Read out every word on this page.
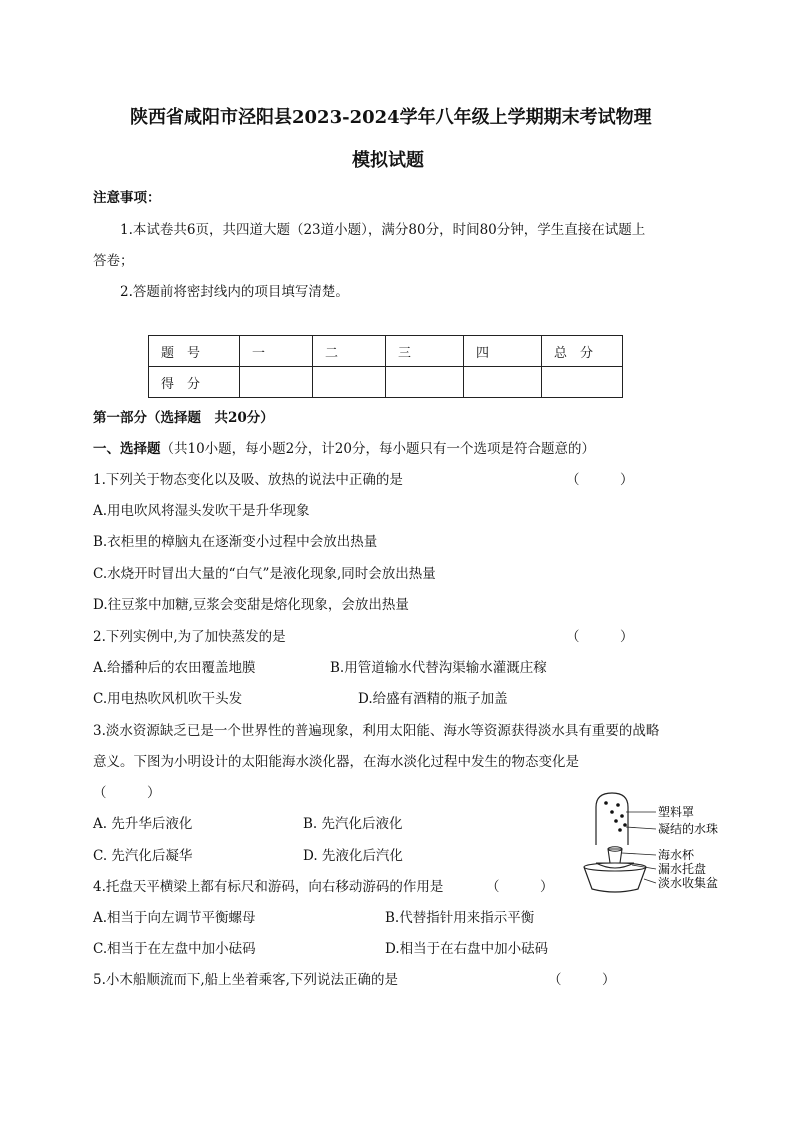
陕西省咸阳市泾阳县2023-2024学年八年级上学期期末考试物理
模拟试题
注意事项：
1.本试卷共6页，共四道大题（23道小题），满分80分，时间80分钟，学生直接在试题上
答卷；
2.答题前将密封线内的项目填写清楚。
题　号	一	二	三	四	总　分
得　分					
第一部分（选择题　共20分）
一、选择题（共10小题，每小题2分，计20分，每小题只有一个选项是符合题意的）
1.下列关于物态变化以及吸、放热的说法中正确的是	（　　　）
A.用电吹风将湿头发吹干是升华现象
B.衣柜里的樟脑丸在逐渐变小过程中会放出热量
C.水烧开时冒出大量的“白气”是液化现象,同时会放出热量
D.往豆浆中加糖,豆浆会变甜是熔化现象，会放出热量
2.下列实例中,为了加快蒸发的是	（　　　）
A.给播种后的农田覆盖地膜	B.用管道输水代替沟渠输水灌溉庄稼
C.用电热吹风机吹干头发	D.给盛有酒精的瓶子加盖
3.淡水资源缺乏已是一个世界性的普遍现象，利用太阳能、海水等资源获得淡水具有重要的战略
意义。下图为小明设计的太阳能海水淡化器，在海水淡化过程中发生的物态变化是
（　　　）
A. 先升华后液化	B. 先汽化后液化
C. 先汽化后凝华	D. 先液化后汽化
4.托盘天平横梁上都有标尺和游码，向右移动游码的作用是	（　　　）
A.相当于向左调节平衡螺母	B.代替指针用来指示平衡
C.相当于在左盘中加小砝码	D.相当于在右盘中加小砝码
5.小木船顺流而下,船上坐着乘客,下列说法正确的是	（　　　）
塑料罩
凝结的水珠
海水杯
漏水托盘
淡水收集盆
